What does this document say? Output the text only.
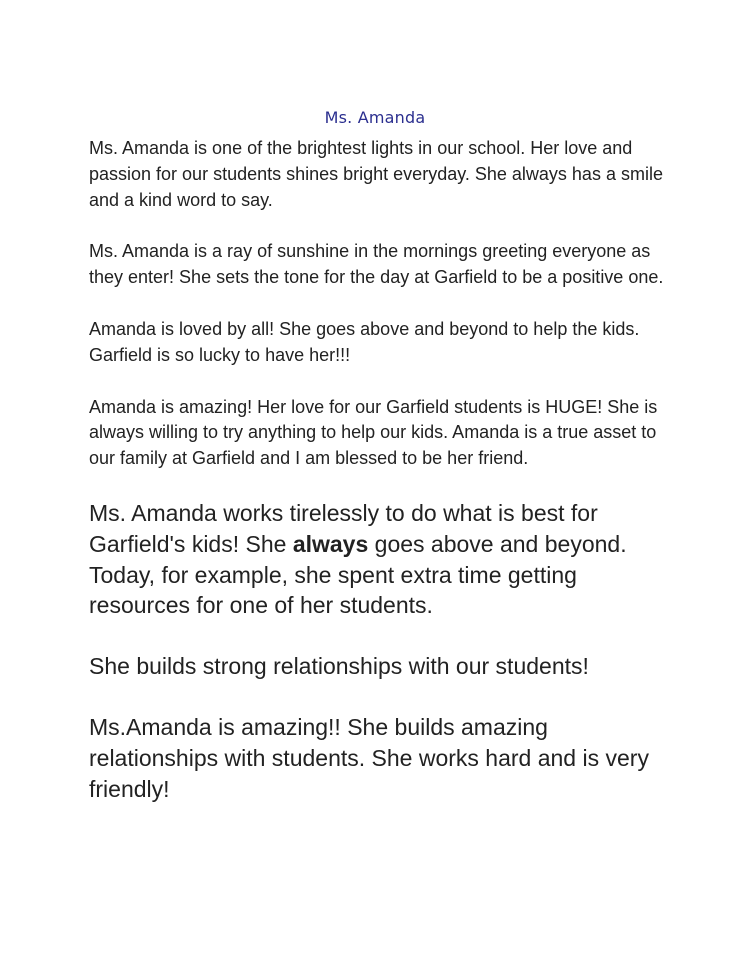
Ms. Amanda

Ms. Amanda is one of the brightest lights in our school. Her love and passion for our students shines bright everyday. She always has a smile and a kind word to say.

Ms. Amanda is a ray of sunshine in the mornings greeting everyone as they enter! She sets the tone for the day at Garfield to be a positive one.

Amanda is loved by all! She goes above and beyond to help the kids. Garfield is so lucky to have her!!!

Amanda is amazing! Her love for our Garfield students is HUGE! She is always willing to try anything to help our kids. Amanda is a true asset to our family at Garfield and I am blessed to be her friend.

Ms. Amanda works tirelessly to do what is best for Garfield's kids! She always goes above and beyond. Today, for example, she spent extra time getting resources for one of her students.

She builds strong relationships with our students!

Ms.Amanda is amazing!! She builds amazing relationships with students. She works hard and is very friendly!
